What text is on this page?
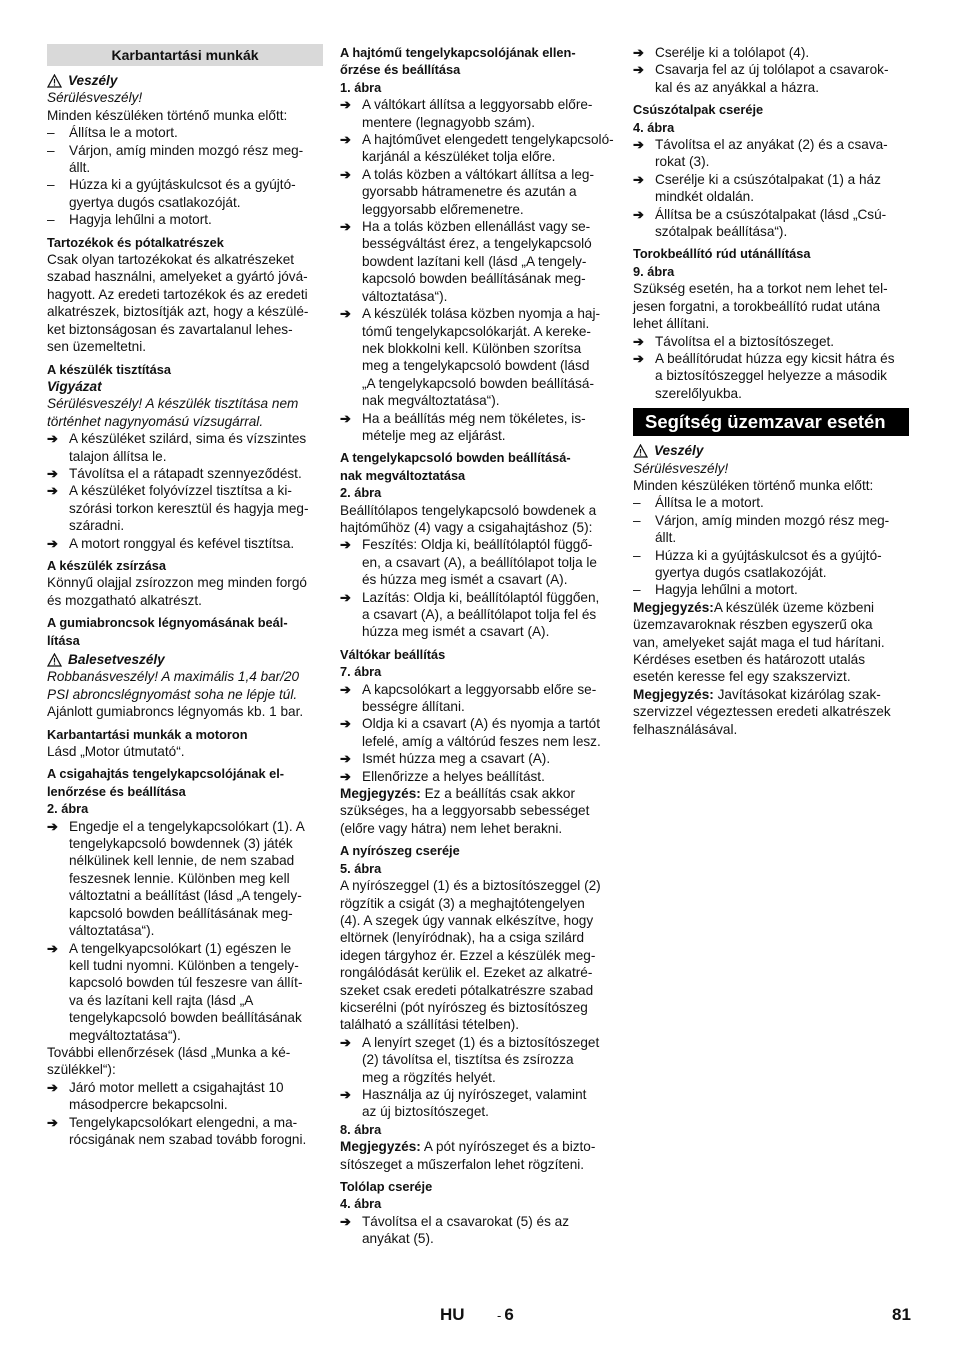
Karbantartási munkák
Veszély

Sérülésveszély!

Minden készüléken történő munka előtt:

–	Állítsa le a motort.
–	Várjon, amíg minden mozgó rész meg-
állt.
–	Húzza ki a gyújtáskulcsot és a gyújtó-
gyertya dugós csatlakozóját.
–	Hagyja lehűlni a motort.

Tartozékok és pótalkatrészek

Csak olyan tartozékokat és alkatrészeket
szabad használni, amelyeket a gyártó jóvá-
hagyott. Az eredeti tartozékok és az eredeti
alkatrészek, biztosítják azt, hogy a készülé-
ket biztonságosan és zavartalanul lehes-
sen üzemeltetni.

A készülék tisztítása

Vigyázat

Sérülésveszély! A készülék tisztítása nem
történhet nagynyomású vízsugárral.

➔ A készüléket szilárd, sima és vízszintes
talajon állítsa le.
➔ Távolítsa el a rátapadt szennyeződést.
➔ A készüléket folyóvízzel tisztítsa a ki-
szórási torkon keresztül és hagyja meg-
száradni.
➔ A motort ronggyal és kefével tisztítsa.

A készülék zsírzása

Könnyű olajjal zsírozzon meg minden forgó
és mozgatható alkatrészt.

A gumiabroncsok légnyomásának beál-
lítása

Balesetveszély

Robbanásveszély! A maximális 1,4 bar/20
PSI abroncslégnyomást soha ne lépje túl.

Ajánlott gumiabroncs légnyomás kb. 1 bar.

Karbantartási munkák a motoron

Lásd „Motor útmutató“.

A csigahajtás tengelykapcsolójának el-
lenőrzése és beállítása

2. ábra

➔ Engedje el a tengelykapcsolókart (1). A
tengelykapcsoló bowdennek (3) játék
nélkülinek kell lennie, de nem szabad
feszesnek lennie. Különben meg kell
változtatni a beállítást (lásd „A tengely-
kapcsoló bowden beállításának meg-
változtatása“).
➔ A tengelkyapcsolókart (1) egészen le
kell tudni nyomni. Különben a tengely-
kapcsoló bowden túl feszesre van állít-
va és lazítani kell rajta (lásd „A
tengelykapcsoló bowden beállításának
megváltoztatása“).

További ellenőrzések (lásd „Munka a ké-
szülékkel“):

➔ Járó motor mellett a csigahajtást 10
másodpercre bekapcsolni.
➔ Tengelykapcsolókart elengedni, a ma-
rócsigának nem szabad tovább forogni.

A hajtómű tengelykapcsolójának ellen-
őrzése és beállítása

1. ábra

➔ A váltókart állítsa a leggyorsabb előre-
mentere (legnagyobb szám).
➔ A hajtóművet elengedett tengelykapcsoló-
karjánál a készüléket tolja előre.
➔ A tolás közben a váltókart állítsa a leg-
gyorsabb hátramenetre és azután a
leggyorsabb előremenetre.
➔ Ha a tolás közben ellenállást vagy se-
bességváltást érez, a tengelykapcsoló
bowdent lazítani kell (lásd „A tengely-
kapcsoló bowden beállításának meg-
változtatása“).
➔ A készülék tolása közben nyomja a haj-
tómű tengelykapcsolókarját. A kereke-
nek blokkolni kell. Különben szorítsa
meg a tengelykapcsoló bowdent (lásd
„A tengelykapcsoló bowden beállításá-
nak megváltoztatása“).
➔ Ha a beállítás még nem tökéletes, is-
mételje meg az eljárást.

A tengelykapcsoló bowden beállításá-
nak megváltoztatása

2. ábra

Beállítólapos tengelykapcsoló bowdenek a
hajtóműhöz (4) vagy a csigahajtáshoz (5):

➔ Feszítés: Oldja ki, beállítólaptól függő-
en, a csavart (A), a beállítólapot tolja le
és húzza meg ismét a csavart (A).
➔ Lazítás: Oldja ki, beállítólaptól függően,
a csavart (A), a beállítólapot tolja fel és
húzza meg ismét a csavart (A).

Váltókar beállítás

7. ábra

➔ A kapcsolókart a leggyorsabb előre se-
bességre állítani.
➔ Oldja ki a csavart (A) és nyomja a tartót
lefelé, amíg a váltórúd feszes nem lesz.
➔ Ismét húzza meg a csavart (A).
➔ Ellenőrizze a helyes beállítást.

Megjegyzés: Ez a beállítás csak akkor
szükséges, ha a leggyorsabb sebességet
(előre vagy hátra) nem lehet berakni.

A nyírószeg cseréje

5. ábra

A nyírószeggel (1) és a biztosítószeggel (2)
rögzítik a csigát (3) a meghajtótengelyen
(4). A szegek úgy vannak elkészítve, hogy
eltörnek (lenyíródnak), ha a csiga szilárd
idegen tárgyhoz ér. Ezzel a készülék meg-
rongálódását kerülik el. Ezeket az alkatré-
szeket csak eredeti pótalkatrészre szabad
kicserélni (pót nyírószeg és biztosítószeg
található a szállítási tételben).

➔ A lenyírt szeget (1) és a biztosítószeget
(2) távolítsa el, tisztítsa és zsírozza
meg a rögzítés helyét.
➔ Használja az új nyírószeget, valamint
az új biztosítószeget.

8. ábra

Megjegyzés: A pót nyírószeget és a bizto-
sítószeget a műszerfalon lehet rögzíteni.

Tolólap cseréje

4. ábra

➔ Távolítsa el a csavarokat (5) és az
anyákat (5).
➔ Cserélje ki a tolólapot (4).
➔ Csavarja fel az új tolólapot a csavarok-
kal és az anyákkal a házra.

Csúszótalpak cseréje

4. ábra

➔ Távolítsa el az anyákat (2) és a csava-
rokat (3).
➔ Cserélje ki a csúszótalpakat (1) a ház
mindkét oldalán.
➔ Állítsa be a csúszótalpakat (lásd „Csú-
szótalpak beállítása“).

Torokbeállító rúd utánállítása

9. ábra

Szükség esetén, ha a torkot nem lehet tel-
jesen forgatni, a torokbeállító rudat utána
lehet állítani.

➔ Távolítsa el a biztosítószeget.
➔ A beállítórudat húzza egy kicsit hátra és
a biztosítószeggel helyezze a második
szerelőlyukba.
Segítség üzemzavar esetén
Veszély

Sérülésveszély!

Minden készüléken történő munka előtt:

–	Állítsa le a motort.
–	Várjon, amíg minden mozgó rész meg-
állt.
–	Húzza ki a gyújtáskulcsot és a gyújtó-
gyertya dugós csatlakozóját.
–	Hagyja lehűlni a motort.

Megjegyzés:A készülék üzeme közbeni
üzemzavaroknak részben egyszerű oka
van, amelyeket saját maga el tud hárítani.
Kérdéses esetben és határozott utalás
esetén keresse fel egy szakszervizt.

Megjegyzés: Javításokat kizárólag szak-
szervizzel végeztessen eredeti alkatrészek
felhasználásával.

HU - 6	81
